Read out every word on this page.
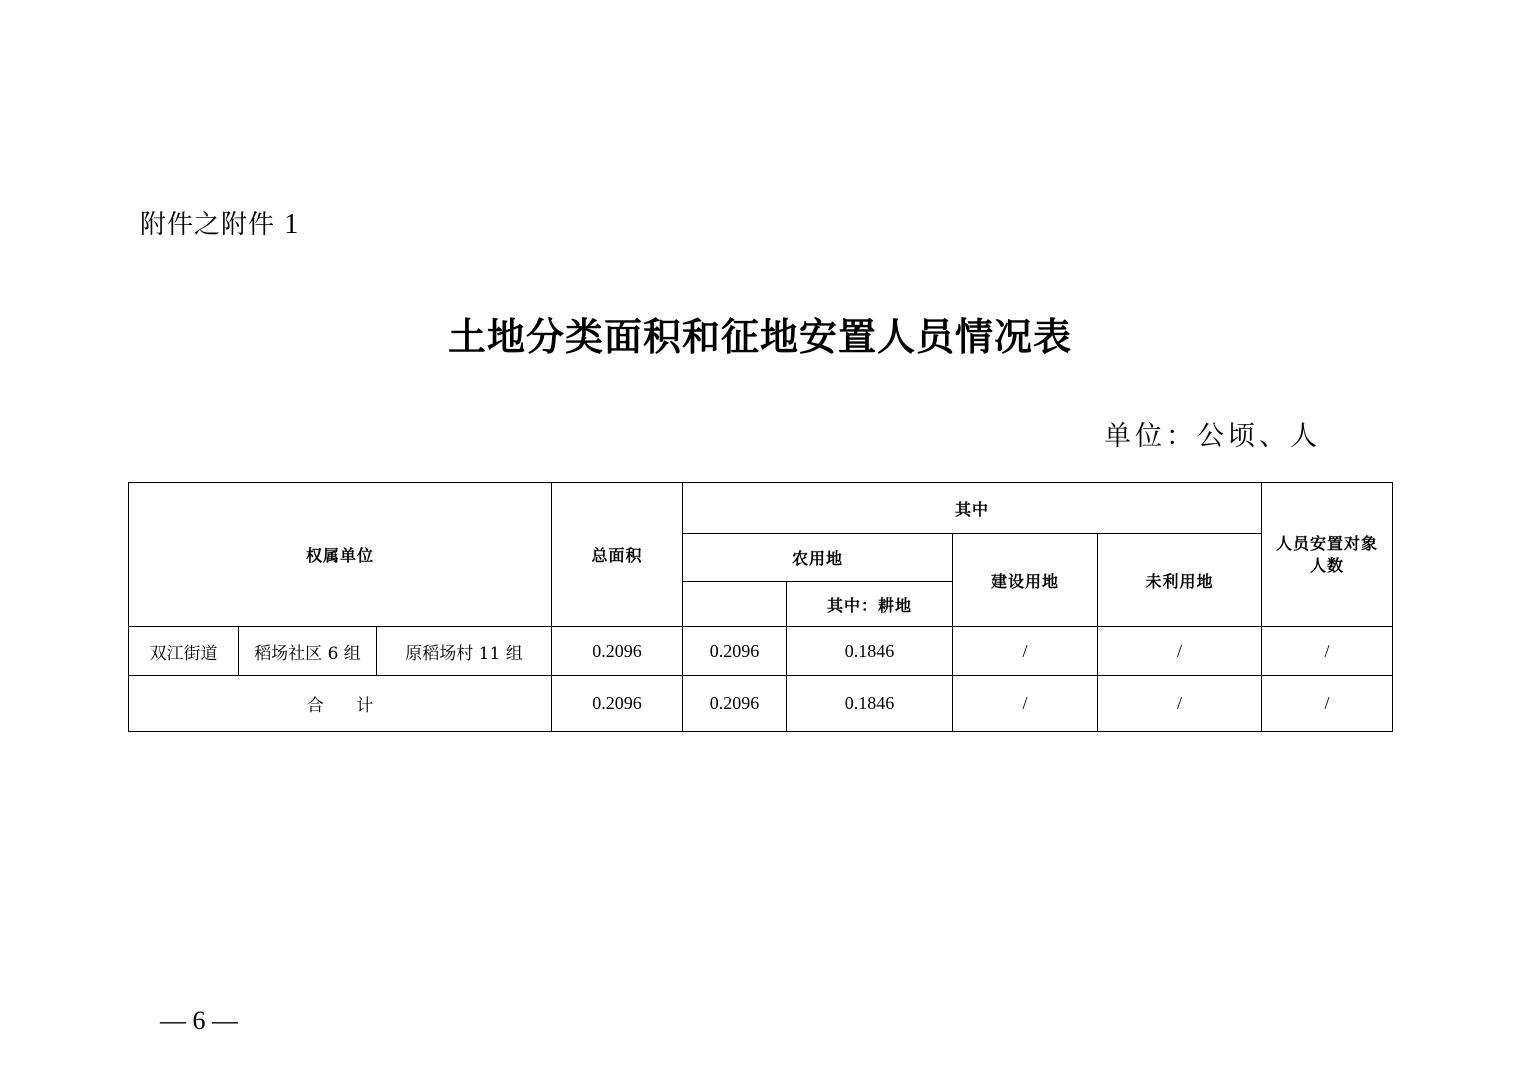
附件之附件 1
土地分类面积和征地安置人员情况表
单位：公顷、人
权属单位			总面积	其中				人员安置对象人数
				农用地		建设用地	未利用地	
					其中：耕地			
双江街道	稻场社区 6 组	原稻场村 11 组	0.2096	0.2096	0.1846	/	/	/
合      计			0.2096	0.2096	0.1846	/	/	/
— 6 —
